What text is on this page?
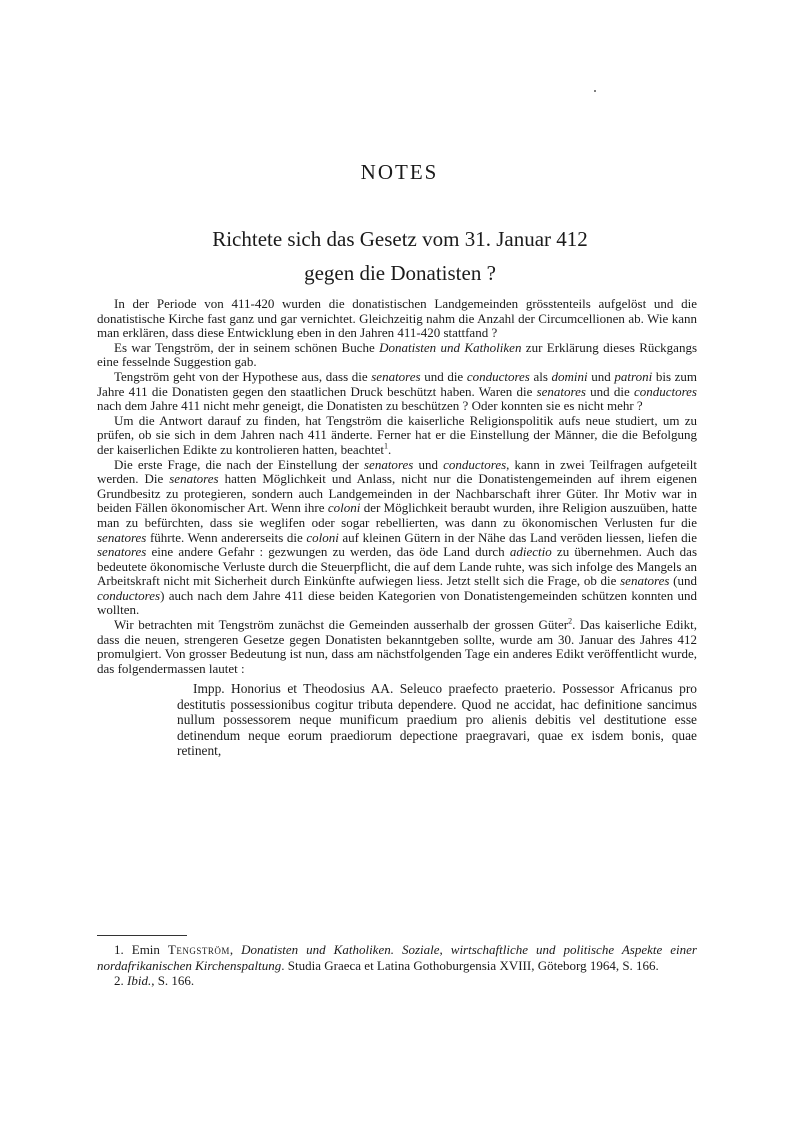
NOTES
Richtete sich das Gesetz vom 31. Januar 412
gegen die Donatisten ?

In der Periode von 411-420 wurden die donatistischen Landgemeinden grösstenteils aufgelöst und die donatistische Kirche fast ganz und gar vernichtet. Gleichzeitig nahm die Anzahl der Circumcellionen ab. Wie kann man erklären, dass diese Entwicklung eben in den Jahren 411-420 stattfand ?

Es war Tengström, der in seinem schönen Buche Donatisten und Katholiken zur Erklärung dieses Rückgangs eine fesselnde Suggestion gab.

Tengström geht von der Hypothese aus, dass die senatores und die conductores als domini und patroni bis zum Jahre 411 die Donatisten gegen den staatlichen Druck beschützt haben. Waren die senatores und die conductores nach dem Jahre 411 nicht mehr geneigt, die Donatisten zu beschützen ? Oder konnten sie es nicht mehr ?

Um die Antwort darauf zu finden, hat Tengström die kaiserliche Religionspolitik aufs neue studiert, um zu prüfen, ob sie sich in dem Jahren nach 411 änderte. Ferner hat er die Einstellung der Männer, die die Befolgung der kaiserlichen Edikte zu kontrolieren hatten, beachtet$^1$.

Die erste Frage, die nach der Einstellung der senatores und conductores, kann in zwei Teilfragen aufgeteilt werden. Die senatores hatten Möglichkeit und Anlass, nicht nur die Donatistengemeinden auf ihrem eigenen Grundbesitz zu protegieren, sondern auch Landgemeinden in der Nachbarschaft ihrer Güter. Ihr Motiv war in beiden Fällen ökonomischer Art. Wenn ihre coloni der Möglichkeit beraubt wurden, ihre Religion auszuüben, hatte man zu befürchten, dass sie weglifen oder sogar rebellierten, was dann zu ökonomischen Verlusten fur die senatores führte. Wenn andererseits die coloni auf kleinen Gütern in der Nähe das Land veröden liessen, liefen die senatores eine andere Gefahr : gezwungen zu werden, das öde Land durch adiectio zu übernehmen. Auch das bedeutete ökonomische Verluste durch die Steuerpflicht, die auf dem Lande ruhte, was sich infolge des Mangels an Arbeitskraft nicht mit Sicherheit durch Einkünfte aufwiegen liess. Jetzt stellt sich die Frage, ob die senatores (und conductores) auch nach dem Jahre 411 diese beiden Kategorien von Donatistengemeinden schützen konnten und wollten.

Wir betrachten mit Tengström zunächst die Gemeinden ausserhalb der grossen Güter$^2$. Das kaiserliche Edikt, dass die neuen, strengeren Gesetze gegen Donatisten bekanntgeben sollte, wurde am 30. Januar des Jahres 412 promulgiert. Von grosser Bedeutung ist nun, dass am nächstfolgenden Tage ein anderes Edikt veröffentlicht wurde, das folgendermassen lautet :

Impp. Honorius et Theodosius AA. Seleuco praefecto praeterio. Possessor Africanus pro destitutis possessionibus cogitur tributa dependere. Quod ne accidat, hac definitione sancimus nullum possessorem neque munificum praedium pro alienis debitis vel destitutione esse detinendum neque eorum praediorum depectione praegravari, quae ex isdem bonis, quae retinent,

1. Emin Tengström, Donatisten und Katholiken. Soziale, wirtschaftliche und politische Aspekte einer nordafrikanischen Kirchenspaltung. Studia Graeca et Latina Gothoburgensia XVIII, Göteborg 1964, S. 166.

2. Ibid., S. 166.
